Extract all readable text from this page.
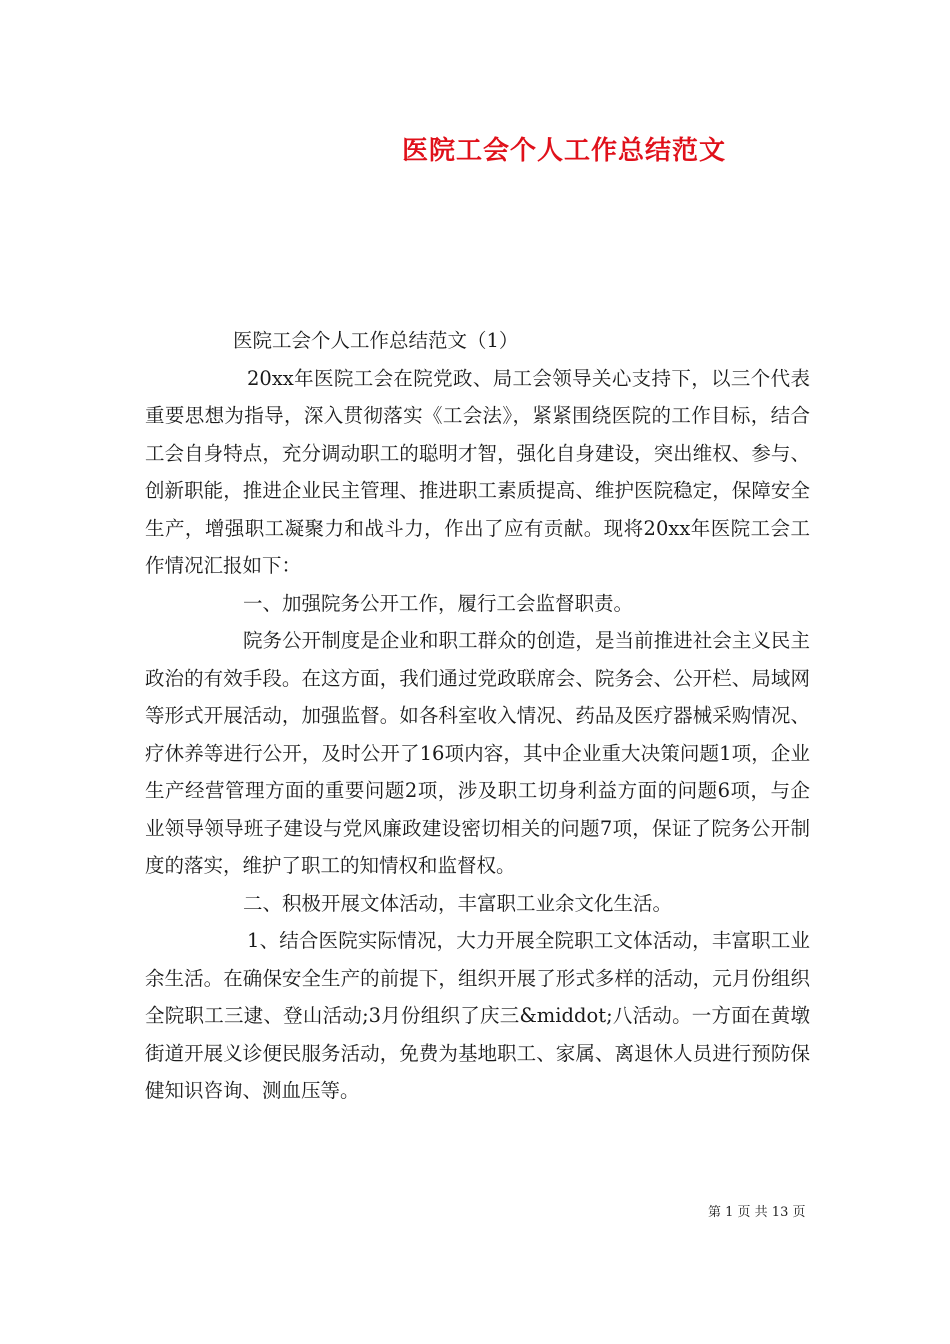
医院工会个人工作总结范文

医院工会个人工作总结范文（1）

20xx年医院工会在院党政、局工会领导关心支持下，以三个代表重要思想为指导，深入贯彻落实《工会法》，紧紧围绕医院的工作目标，结合工会自身特点，充分调动职工的聪明才智，强化自身建设，突出维权、参与、创新职能，推进企业民主管理、推进职工素质提高、维护医院稳定，保障安全生产，增强职工凝聚力和战斗力，作出了应有贡献。现将20xx年医院工会工作情况汇报如下：

一、加强院务公开工作，履行工会监督职责。

院务公开制度是企业和职工群众的创造，是当前推进社会主义民主政治的有效手段。在这方面，我们通过党政联席会、院务会、公开栏、局域网等形式开展活动，加强监督。如各科室收入情况、药品及医疗器械采购情况、疗休养等进行公开，及时公开了16项内容，其中企业重大决策问题1项，企业生产经营管理方面的重要问题2项，涉及职工切身利益方面的问题6项，与企业领导领导班子建设与党风廉政建设密切相关的问题7项，保证了院务公开制度的落实，维护了职工的知情权和监督权。

二、积极开展文体活动，丰富职工业余文化生活。

1、结合医院实际情况，大力开展全院职工文体活动，丰富职工业余生活。在确保安全生产的前提下，组织开展了形式多样的活动，元月份组织全院职工三逮、登山活动;3月份组织了庆三&middot;八活动。一方面在黄墩街道开展义诊便民服务活动，免费为基地职工、家属、离退休人员进行预防保健知识咨询、测血压等。

第 1 页 共 13 页
